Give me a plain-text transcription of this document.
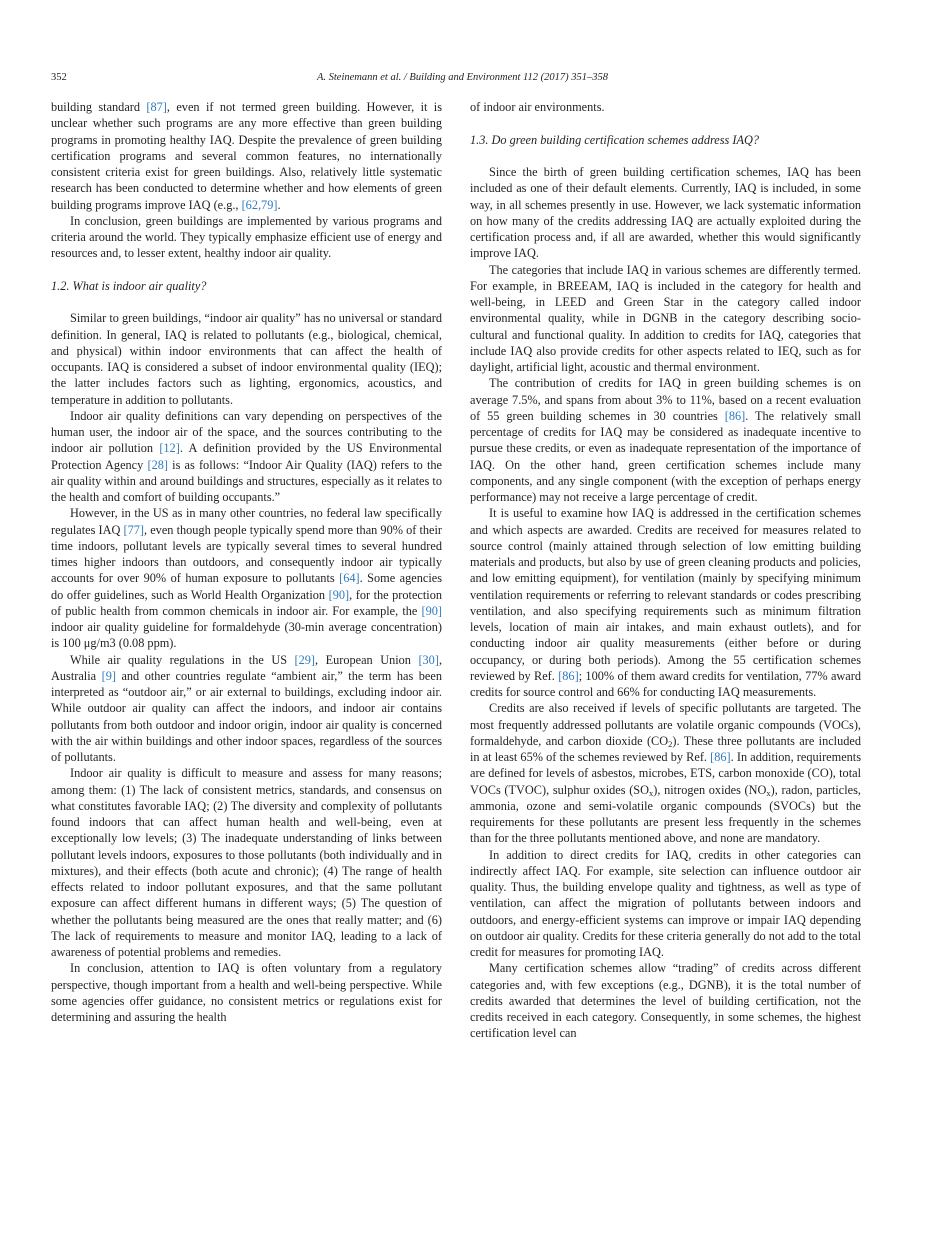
352	A. Steinemann et al. / Building and Environment 112 (2017) 351–358

building standard [87], even if not termed green building. However, it is unclear whether such programs are any more effective than green building programs in promoting healthy IAQ. Despite the prevalence of green building certification programs and several common features, no internationally consistent criteria exist for green buildings. Also, relatively little systematic research has been conducted to determine whether and how elements of green building programs improve IAQ (e.g., [62,79].

In conclusion, green buildings are implemented by various programs and criteria around the world. They typically emphasize efficient use of energy and resources and, to lesser extent, healthy indoor air quality.

1.2. What is indoor air quality?

Similar to green buildings, “indoor air quality” has no universal or standard definition. In general, IAQ is related to pollutants (e.g., biological, chemical, and physical) within indoor environments that can affect the health of occupants. IAQ is considered a subset of indoor environmental quality (IEQ); the latter includes factors such as lighting, ergonomics, acoustics, and temperature in addition to pollutants.

Indoor air quality definitions can vary depending on perspectives of the human user, the indoor air of the space, and the sources contributing to the indoor air pollution [12]. A definition provided by the US Environmental Protection Agency [28] is as follows: “Indoor Air Quality (IAQ) refers to the air quality within and around buildings and structures, especially as it relates to the health and comfort of building occupants.”

However, in the US as in many other countries, no federal law specifically regulates IAQ [77], even though people typically spend more than 90% of their time indoors, pollutant levels are typically several times to several hundred times higher indoors than outdoors, and consequently indoor air typically accounts for over 90% of human exposure to pollutants [64]. Some agencies do offer guidelines, such as World Health Organization [90], for the protection of public health from common chemicals in indoor air. For example, the [90] indoor air quality guideline for formaldehyde (30-min average concentration) is 100 μg/m3 (0.08 ppm).

While air quality regulations in the US [29], European Union [30], Australia [9] and other countries regulate “ambient air,” the term has been interpreted as “outdoor air,” or air external to buildings, excluding indoor air. While outdoor air quality can affect the indoors, and indoor air contains pollutants from both outdoor and indoor origin, indoor air quality is concerned with the air within buildings and other indoor spaces, regardless of the sources of pollutants.

Indoor air quality is difficult to measure and assess for many reasons; among them: (1) The lack of consistent metrics, standards, and consensus on what constitutes favorable IAQ; (2) The diversity and complexity of pollutants found indoors that can affect human health and well-being, even at exceptionally low levels; (3) The inadequate understanding of links between pollutant levels indoors, exposures to those pollutants (both individually and in mixtures), and their effects (both acute and chronic); (4) The range of health effects related to indoor pollutant exposures, and that the same pollutant exposure can affect different humans in different ways; (5) The question of whether the pollutants being measured are the ones that really matter; and (6) The lack of requirements to measure and monitor IAQ, leading to a lack of awareness of potential problems and remedies.

In conclusion, attention to IAQ is often voluntary from a regulatory perspective, though important from a health and well-being perspective. While some agencies offer guidance, no consistent metrics or regulations exist for determining and assuring the health

of indoor air environments.

1.3. Do green building certification schemes address IAQ?

Since the birth of green building certification schemes, IAQ has been included as one of their default elements. Currently, IAQ is included, in some way, in all schemes presently in use. However, we lack systematic information on how many of the credits addressing IAQ are actually exploited during the certification process and, if all are awarded, whether this would significantly improve IAQ.

The categories that include IAQ in various schemes are differently termed. For example, in BREEAM, IAQ is included in the category for health and well-being, in LEED and Green Star in the category called indoor environmental quality, while in DGNB in the category describing socio-cultural and functional quality. In addition to credits for IAQ, categories that include IAQ also provide credits for other aspects related to IEQ, such as for daylight, artificial light, acoustic and thermal environment.

The contribution of credits for IAQ in green building schemes is on average 7.5%, and spans from about 3% to 11%, based on a recent evaluation of 55 green building schemes in 30 countries [86]. The relatively small percentage of credits for IAQ may be considered as inadequate incentive to pursue these credits, or even as inadequate representation of the importance of IAQ. On the other hand, green certification schemes include many components, and any single component (with the exception of perhaps energy performance) may not receive a large percentage of credit.

It is useful to examine how IAQ is addressed in the certification schemes and which aspects are awarded. Credits are received for measures related to source control (mainly attained through selection of low emitting building materials and products, but also by use of green cleaning products and policies, and low emitting equipment), for ventilation (mainly by specifying minimum ventilation requirements or referring to relevant standards or codes prescribing ventilation, and also specifying requirements such as minimum filtration levels, location of main air intakes, and main exhaust outlets), and for conducting indoor air quality measurements (either before or during occupancy, or during both periods). Among the 55 certification schemes reviewed by Ref. [86]; 100% of them award credits for ventilation, 77% award credits for source control and 66% for conducting IAQ measurements.

Credits are also received if levels of specific pollutants are targeted. The most frequently addressed pollutants are volatile organic compounds (VOCs), formaldehyde, and carbon dioxide $(CO_2)$. These three pollutants are included in at least 65% of the schemes reviewed by Ref. [86]. In addition, requirements are defined for levels of asbestos, microbes, ETS, carbon monoxide (CO), total VOCs (TVOC), sulphur oxides $(SO_x)$, nitrogen oxides $(NO_x)$, radon, particles, ammonia, ozone and semi-volatile organic compounds (SVOCs) but the requirements for these pollutants are present less frequently in the schemes than for the three pollutants mentioned above, and none are mandatory.

In addition to direct credits for IAQ, credits in other categories can indirectly affect IAQ. For example, site selection can influence outdoor air quality. Thus, the building envelope quality and tightness, as well as type of ventilation, can affect the migration of pollutants between indoors and outdoors, and energy-efficient systems can improve or impair IAQ depending on outdoor air quality. Credits for these criteria generally do not add to the total credit for measures for promoting IAQ.

Many certification schemes allow “trading” of credits across different categories and, with few exceptions (e.g., DGNB), it is the total number of credits awarded that determines the level of building certification, not the credits received in each category. Consequently, in some schemes, the highest certification level can
